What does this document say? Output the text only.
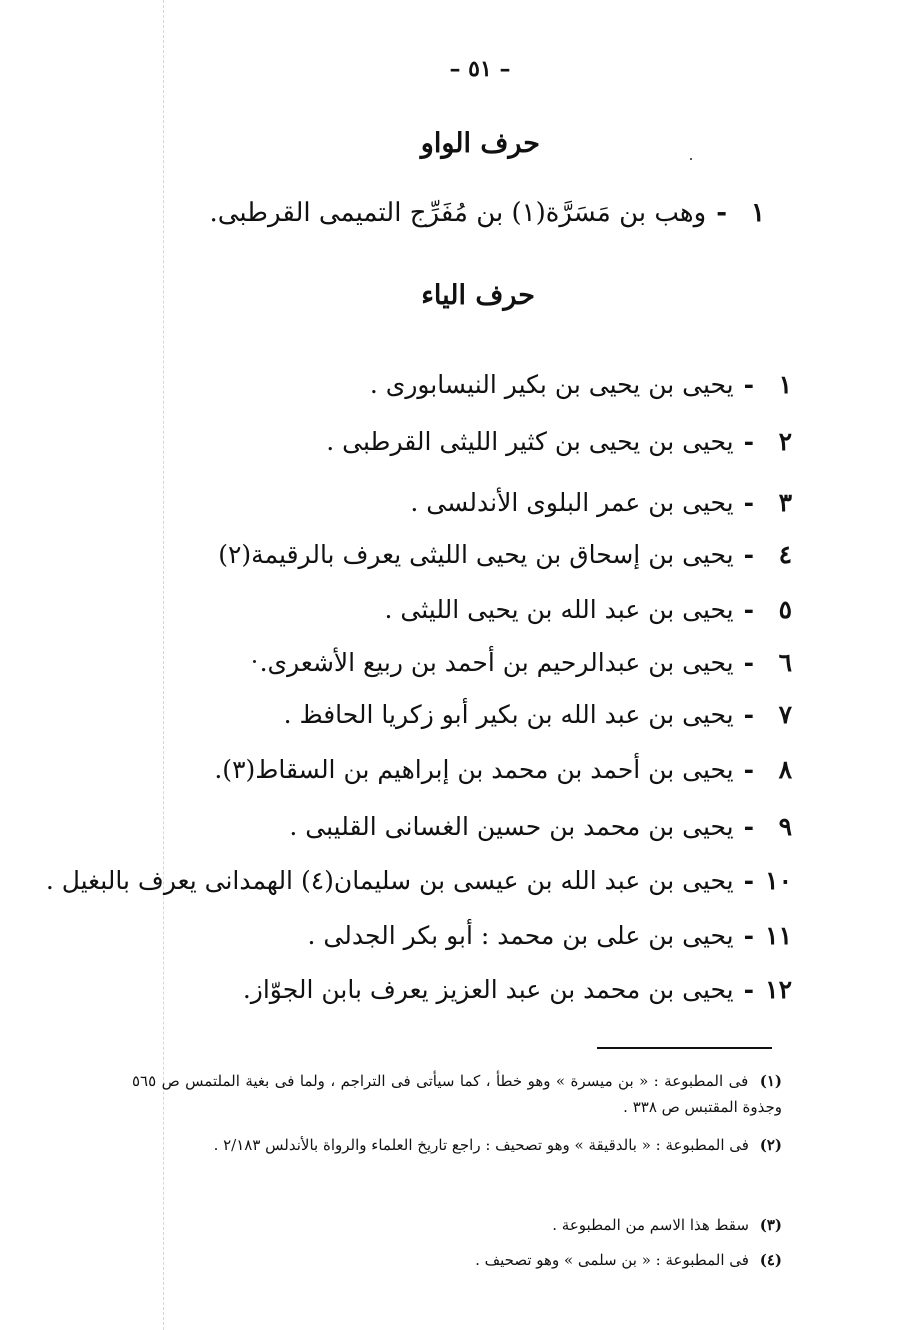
– ٥١ –
حرف الواو
١
-
وهب بن مَسَرَّة(١) بن مُفَرِّج التميمى القرطبى.
حرف الياء
١
-
يحيى بن يحيى بن بكير النيسابورى .
٢
-
يحيى بن يحيى بن كثير الليثى القرطبى .
٣
-
يحيى بن عمر البلوى الأندلسى .
٤
-
يحيى بن إسحاق بن يحيى الليثى يعرف بالرقيمة(٢)
٥
-
يحيى بن عبد الله بن يحيى الليثى .
٦
-
يحيى بن عبدالرحيم بن أحمد بن ربيع الأشعرى.
٧
-
يحيى بن عبد الله بن بكير أبو زكريا الحافظ .
٨
-
يحيى بن أحمد بن محمد بن إبراهيم بن السقاط(٣).
٩
-
يحيى بن محمد بن حسين الغسانى القليبى .
١٠
-
يحيى بن عبد الله بن عيسى بن سليمان(٤) الهمدانى يعرف بالبغيل .
١١
-
يحيى بن على بن محمد : أبو بكر الجدلى .
١٢
-
يحيى بن محمد بن عبد العزيز يعرف بابن الجوّاز.
(١) فى المطبوعة : « بن ميسرة » وهو خطأ ، كما سيأتى فى التراجم ، ولما فى بغية الملتمس ص ٥٦٥ وجذوة المقتبس ص ٣٣٨ .
(٢) فى المطبوعة : « بالدقيقة » وهو تصحيف : راجع تاريخ العلماء والرواة بالأندلس ٢/١٨٣ .
(٣) سقط هذا الاسم من المطبوعة .
(٤) فى المطبوعة : « بن سلمى » وهو تصحيف .
